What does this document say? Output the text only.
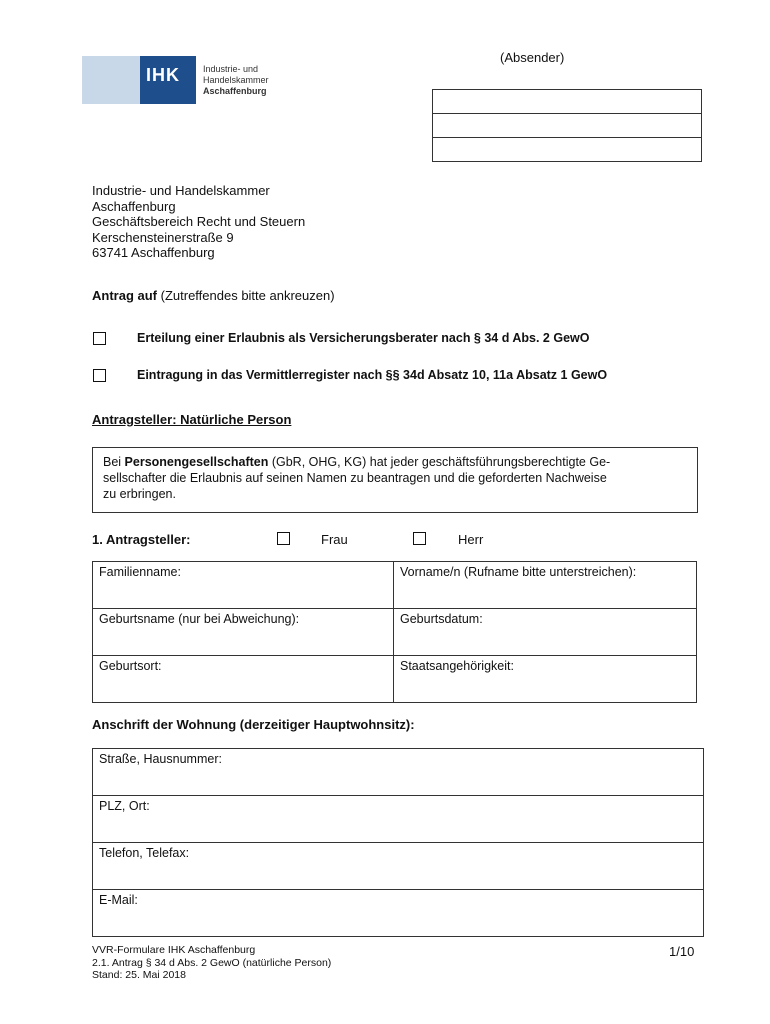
IHK	Industrie- und Handelskammer
Aschaffenburg
(Absender)
Industrie- und Handelskammer
Aschaffenburg
Geschäftsbereich Recht und Steuern
Kerschensteinerstraße 9
63741 Aschaffenburg
Antrag auf (Zutreffendes bitte ankreuzen)
Erteilung einer Erlaubnis als Versicherungsberater nach § 34 d Abs. 2 GewO
Eintragung in das Vermittlerregister nach §§ 34d Absatz 10, 11a Absatz 1 GewO
Antragsteller: Natürliche Person
Bei Personengesellschaften (GbR, OHG, KG) hat jeder geschäftsführungsberechtigte Ge-
sellschafter die Erlaubnis auf seinen Namen zu beantragen und die geforderten Nachweise
zu erbringen.
1. Antragsteller:	Frau	Herr
Familienname:	Vorname/n (Rufname bitte unterstreichen):
Geburtsname (nur bei Abweichung):	Geburtsdatum:
Geburtsort:	Staatsangehörigkeit:
Anschrift der Wohnung (derzeitiger Hauptwohnsitz):
Straße, Hausnummer:
PLZ, Ort:
Telefon, Telefax:
E-Mail:
VVR-Formulare IHK Aschaffenburg
2.1. Antrag § 34 d Abs. 2 GewO (natürliche Person)
Stand: 25. Mai 2018
1/10
